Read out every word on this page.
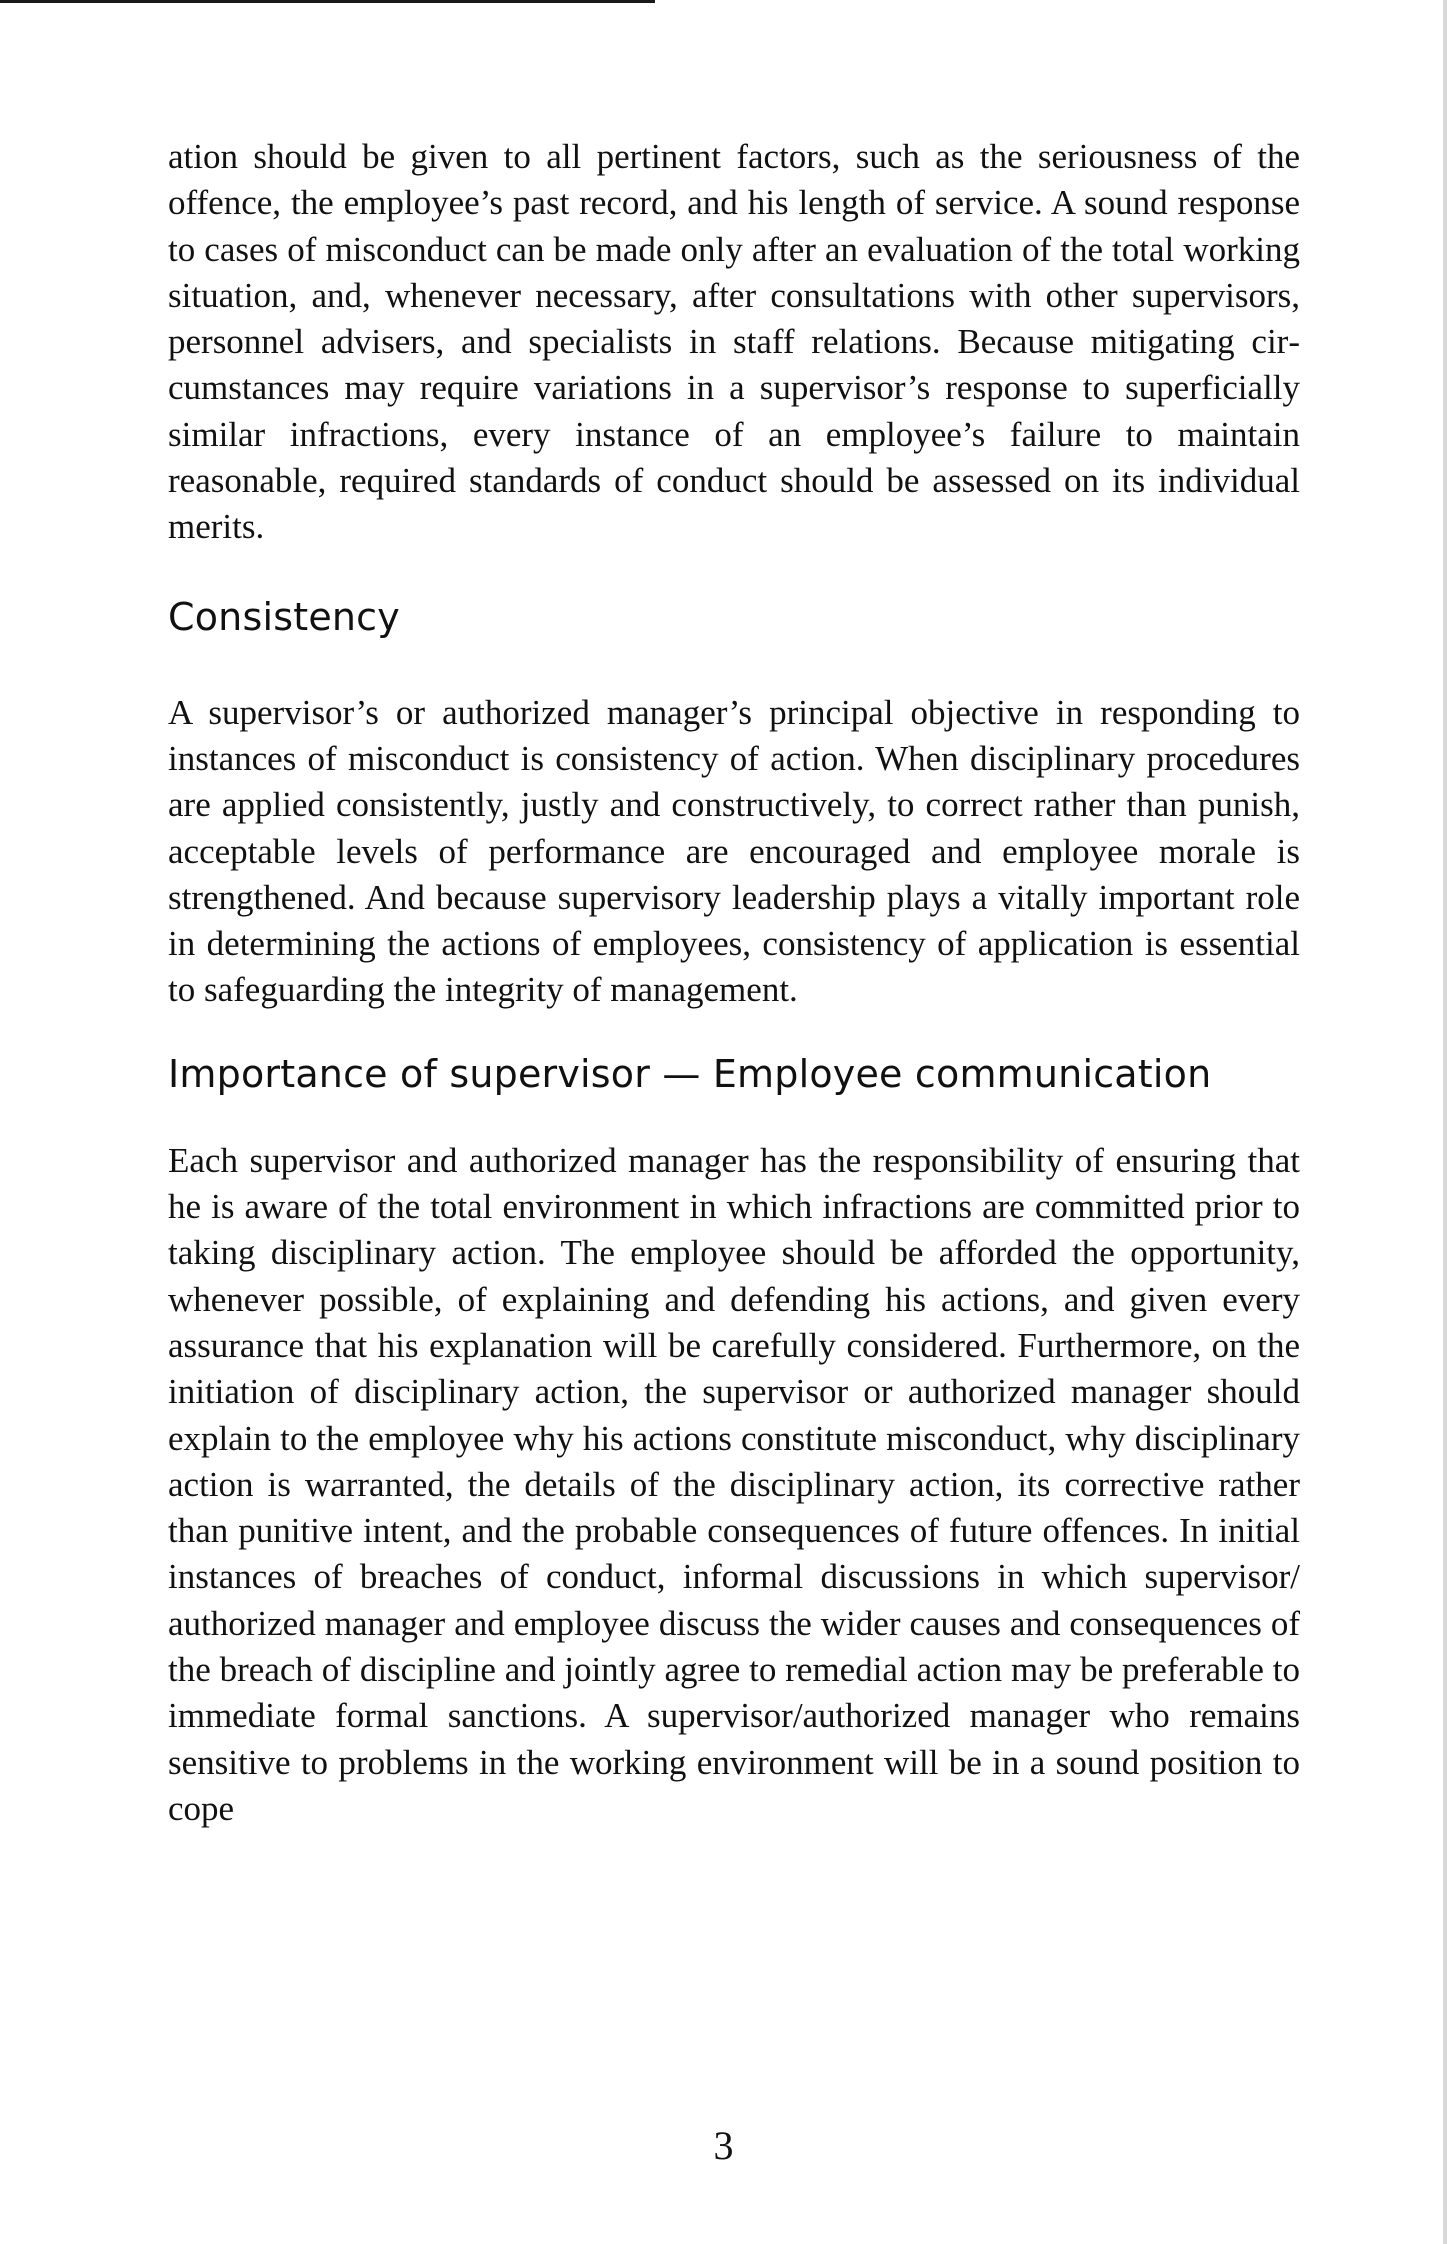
ation should be given to all pertinent factors, such as the seriousness of the offence, the employee’s past record, and his length of service. A sound response to cases of misconduct can be made only after an evaluation of the total working situation, and, whenever necessary, after consultations with other supervisors, personnel advisers, and specialists in staff relations. Because mitigating circumstances may require variations in a supervisor’s response to superficially similar infractions, every instance of an employee’s failure to maintain reasonable, required standards of conduct should be assessed on its individual merits.

Consistency

A supervisor’s or authorized manager’s principal objective in responding to instances of misconduct is consistency of action. When disciplinary procedures are applied consistently, justly and constructively, to correct rather than punish, acceptable levels of performance are encouraged and employee morale is strengthened. And because supervisory leadership plays a vitally important role in determining the actions of employees, consistency of application is essential to safeguarding the integrity of management.

Importance of supervisor — Employee communication

Each supervisor and authorized manager has the responsibility of ensuring that he is aware of the total environment in which infractions are committed prior to taking disciplinary action. The employee should be afforded the opportunity, whenever possible, of explaining and defending his actions, and given every assurance that his explanation will be carefully considered. Furthermore, on the initiation of disciplinary action, the supervisor or authorized manager should explain to the employee why his actions constitute misconduct, why disciplinary action is warranted, the details of the disciplinary action, its corrective rather than punitive intent, and the probable consequences of future offences. In initial instances of breaches of conduct, informal discussions in which supervisor/ authorized manager and employee discuss the wider causes and consequences of the breach of discipline and jointly agree to remedial action may be preferable to immediate formal sanctions. A supervisor/authorized manager who remains sensitive to problems in the working environment will be in a sound position to cope

3
